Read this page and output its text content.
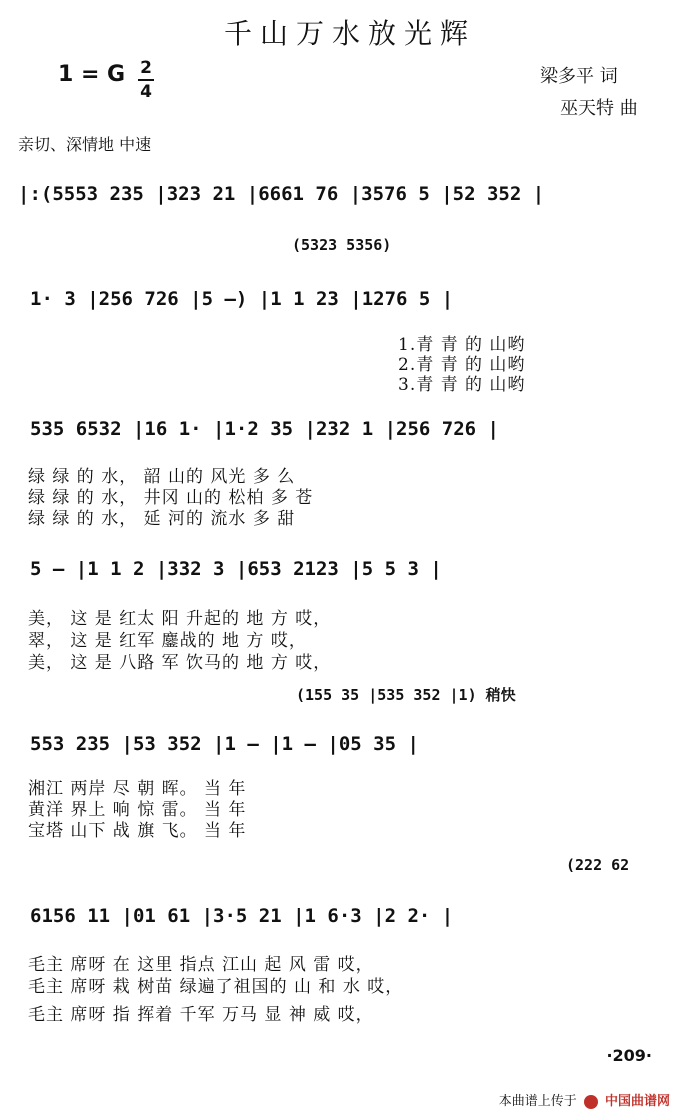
千山万水放光辉
1 = G 2
4
梁多平 词
巫天特 曲
亲切、深情地 中速
|:(5553 235 |323 21 |6661 76 |3576 5 |52 352 |
(5323 5356)
1· 3 |256 726 |5 —) |1 1 23 |1276 5 |
1.青 青 的 山哟
2.青 青 的 山哟
3.青 青 的 山哟
535 6532 |16 1· |1·2 35 |232 1 |256 726 |
绿 绿 的 水， 韶 山的 风光 多 么
绿 绿 的 水， 井冈 山的 松柏 多 苍
绿 绿 的 水， 延 河的 流水 多 甜
5 — |1 1 2 |332 3 |653 2123 |5 5 3 |
美， 这 是 红太 阳 升起的 地 方 哎，
翠， 这 是 红军 鏖战的 地 方 哎，
美， 这 是 八路 军 饮马的 地 方 哎，
(155 35 |535 352 |1) 稍快
553 235 |53 352 |1 — |1 — |05 35 |
湘江 两岸 尽 朝 晖。 当 年
黄洋 界上 响 惊 雷。 当 年
宝塔 山下 战 旗 飞。 当 年
(222 62
6156 11 |01 61 |3·5 21 |1 6·3 |2 2· |
毛主 席呀 在 这里 指点 江山 起 风 雷 哎，
毛主 席呀 栽 树苗 绿遍了祖国的 山 和 水 哎，
毛主 席呀 指 挥着 千军 万马 显 神 威 哎，
·209·
本曲谱上传于 中国曲谱网
